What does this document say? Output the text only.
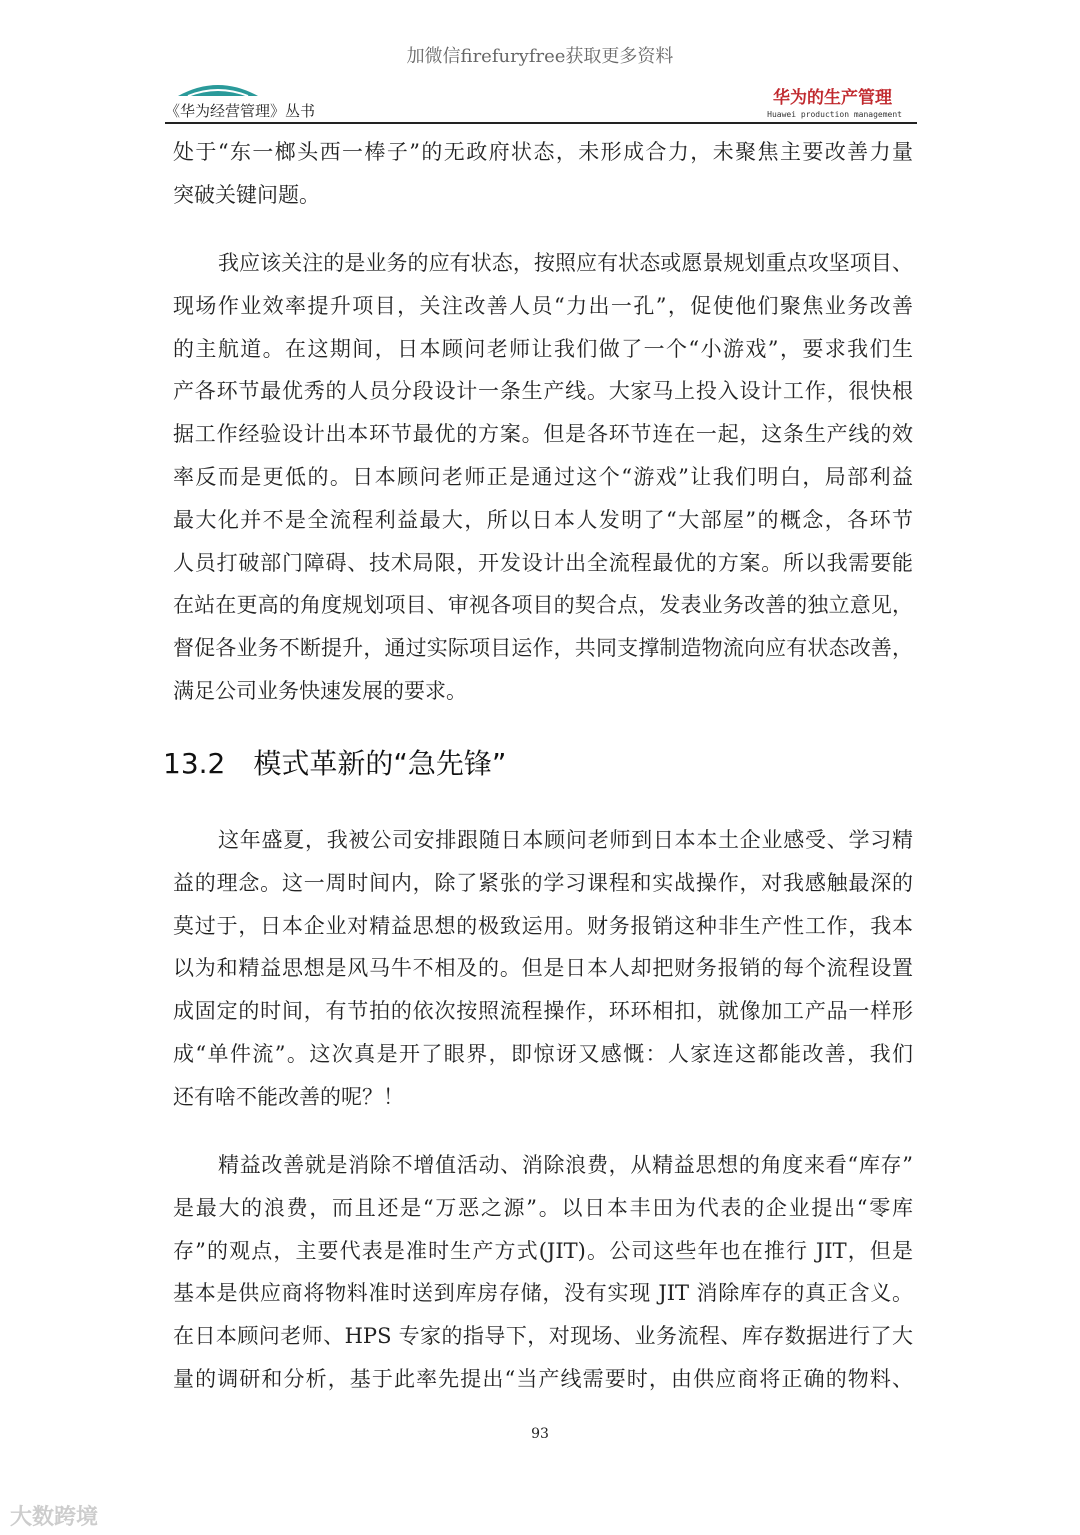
加微信firefuryfree获取更多资料
《华为经营管理》丛书
华为的生产管理
Huawei production management
处于“东一榔头西一棒子”的无政府状态，未形成合力，未聚焦主要改善力量
突破关键问题。
我应该关注的是业务的应有状态，按照应有状态或愿景规划重点攻坚项目、
现场作业效率提升项目，关注改善人员“力出一孔”，促使他们聚焦业务改善
的主航道。在这期间，日本顾问老师让我们做了一个“小游戏”，要求我们生
产各环节最优秀的人员分段设计一条生产线。大家马上投入设计工作，很快根
据工作经验设计出本环节最优的方案。但是各环节连在一起，这条生产线的效
率反而是更低的。日本顾问老师正是通过这个“游戏”让我们明白，局部利益
最大化并不是全流程利益最大，所以日本人发明了“大部屋”的概念，各环节
人员打破部门障碍、技术局限，开发设计出全流程最优的方案。所以我需要能
在站在更高的角度规划项目、审视各项目的契合点，发表业务改善的独立意见，
督促各业务不断提升，通过实际项目运作，共同支撑制造物流向应有状态改善，
满足公司业务快速发展的要求。
13.2 模式革新的“急先锋”
这年盛夏，我被公司安排跟随日本顾问老师到日本本土企业感受、学习精
益的理念。这一周时间内，除了紧张的学习课程和实战操作，对我感触最深的
莫过于，日本企业对精益思想的极致运用。财务报销这种非生产性工作，我本
以为和精益思想是风马牛不相及的。但是日本人却把财务报销的每个流程设置
成固定的时间，有节拍的依次按照流程操作，环环相扣，就像加工产品一样形
成“单件流”。这次真是开了眼界，即惊讶又感慨：人家连这都能改善，我们
还有啥不能改善的呢？！
精益改善就是消除不增值活动、消除浪费，从精益思想的角度来看“库存”
是最大的浪费，而且还是“万恶之源”。以日本丰田为代表的企业提出“零库
存”的观点，主要代表是准时生产方式(JIT)。公司这些年也在推行 JIT，但是
基本是供应商将物料准时送到库房存储，没有实现 JIT 消除库存的真正含义。
在日本顾问老师、HPS 专家的指导下，对现场、业务流程、库存数据进行了大
量的调研和分析，基于此率先提出“当产线需要时，由供应商将正确的物料、
93
大数跨境
